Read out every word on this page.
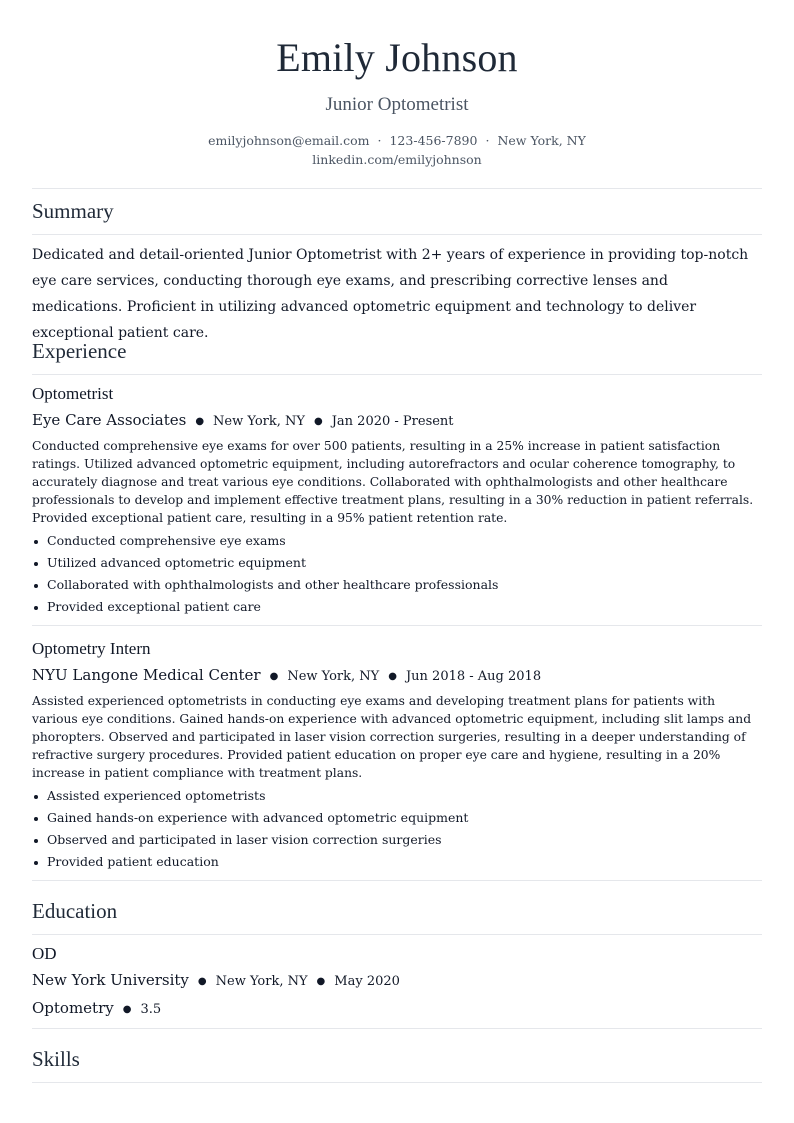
Emily Johnson
Junior Optometrist
emilyjohnson@email.com · 123-456-7890 · New York, NY
linkedin.com/emilyjohnson
Summary
Dedicated and detail-oriented Junior Optometrist with 2+ years of experience in providing top-notch eye care services, conducting thorough eye exams, and prescribing corrective lenses and medications. Proficient in utilizing advanced optometric equipment and technology to deliver exceptional patient care.
Experience
Optometrist
Eye Care Associates ● New York, NY ● Jan 2020 - Present
Conducted comprehensive eye exams for over 500 patients, resulting in a 25% increase in patient satisfaction ratings. Utilized advanced optometric equipment, including autorefractors and ocular coherence tomography, to accurately diagnose and treat various eye conditions. Collaborated with ophthalmologists and other healthcare professionals to develop and implement effective treatment plans, resulting in a 30% reduction in patient referrals. Provided exceptional patient care, resulting in a 95% patient retention rate.
Conducted comprehensive eye exams
Utilized advanced optometric equipment
Collaborated with ophthalmologists and other healthcare professionals
Provided exceptional patient care
Optometry Intern
NYU Langone Medical Center ● New York, NY ● Jun 2018 - Aug 2018
Assisted experienced optometrists in conducting eye exams and developing treatment plans for patients with various eye conditions. Gained hands-on experience with advanced optometric equipment, including slit lamps and phoropters. Observed and participated in laser vision correction surgeries, resulting in a deeper understanding of refractive surgery procedures. Provided patient education on proper eye care and hygiene, resulting in a 20% increase in patient compliance with treatment plans.
Assisted experienced optometrists
Gained hands-on experience with advanced optometric equipment
Observed and participated in laser vision correction surgeries
Provided patient education
Education
OD
New York University ● New York, NY ● May 2020
Optometry ● 3.5
Skills
